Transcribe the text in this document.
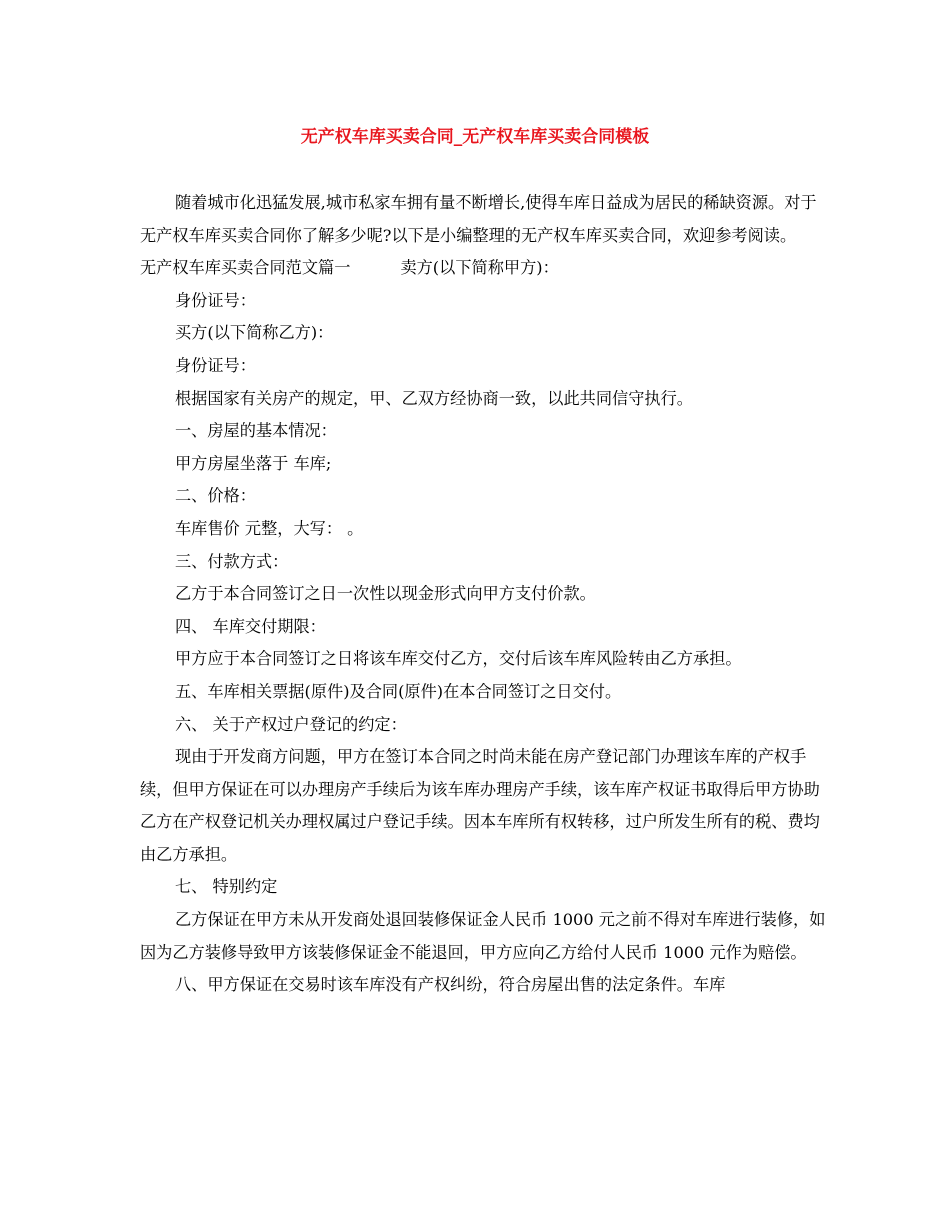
无产权车库买卖合同_无产权车库买卖合同模板

随着城市化迅猛发展,城市私家车拥有量不断增长,使得车库日益成为居民的稀缺资源。对于无产权车库买卖合同你了解多少呢?以下是小编整理的无产权车库买卖合同，欢迎参考阅读。

无产权车库买卖合同范文篇一	卖方(以下简称甲方)：

身份证号：

买方(以下简称乙方)：

身份证号：

根据国家有关房产的规定，甲、乙双方经协商一致，以此共同信守执行。

一、房屋的基本情况：

甲方房屋坐落于 车库;

二、价格：

车库售价 元整，大写： 。

三、付款方式：

乙方于本合同签订之日一次性以现金形式向甲方支付价款。

四、 车库交付期限：

甲方应于本合同签订之日将该车库交付乙方，交付后该车库风险转由乙方承担。

五、车库相关票据(原件)及合同(原件)在本合同签订之日交付。

六、 关于产权过户登记的约定：

现由于开发商方问题，甲方在签订本合同之时尚未能在房产登记部门办理该车库的产权手续，但甲方保证在可以办理房产手续后为该车库办理房产手续，该车库产权证书取得后甲方协助乙方在产权登记机关办理权属过户登记手续。因本车库所有权转移，过户所发生所有的税、费均由乙方承担。

七、 特别约定

乙方保证在甲方未从开发商处退回装修保证金人民币 1000 元之前不得对车库进行装修，如因为乙方装修导致甲方该装修保证金不能退回，甲方应向乙方给付人民币 1000 元作为赔偿。

八、甲方保证在交易时该车库没有产权纠纷，符合房屋出售的法定条件。车库
